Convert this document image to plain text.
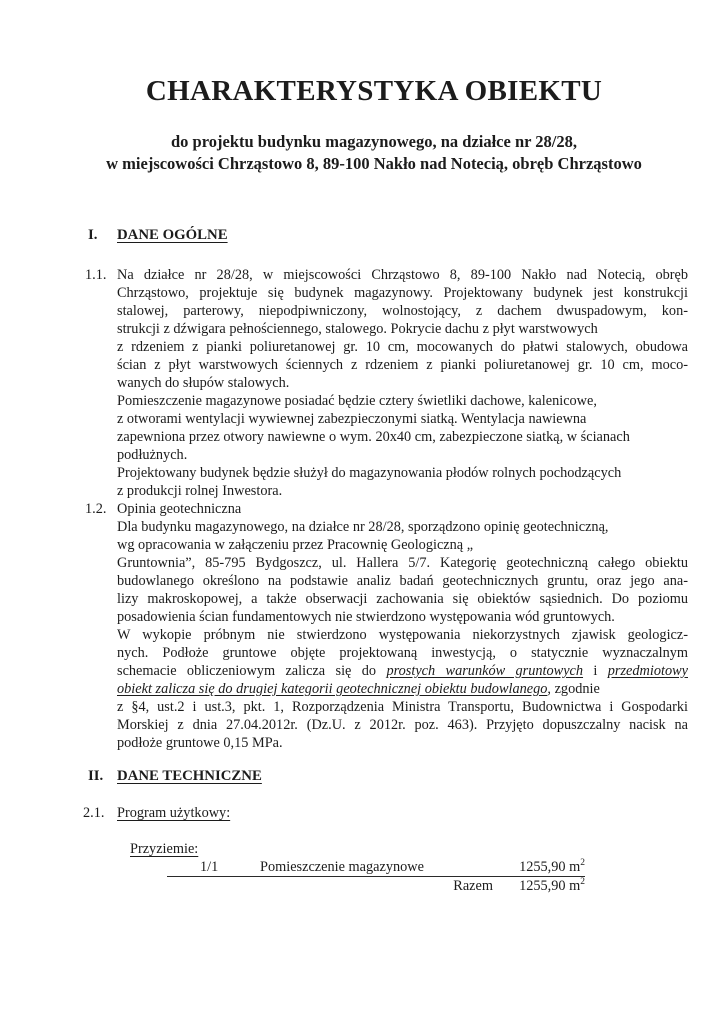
CHARAKTERYSTYKA OBIEKTU
do projektu budynku magazynowego, na działce nr 28/28,
w miejscowości Chrząstowo 8, 89-100 Nakło nad Notecią, obręb Chrząstowo
I. DANE OGÓLNE
1.1. Na działce nr 28/28, w miejscowości Chrząstowo 8, 89-100 Nakło nad Notecią, obręb
Chrząstowo, projektuje się budynek magazynowy. Projektowany budynek jest konstrukcji
stalowej, parterowy, niepodpiwniczony, wolnostojący, z dachem dwuspadowym, kon-
strukcji z dźwigara pełnościennego, stalowego. Pokrycie dachu z płyt warstwowych
z rdzeniem z pianki poliuretanowej gr. 10 cm, mocowanych do płatwi stalowych, obudowa
ścian z płyt warstwowych ściennych z rdzeniem z pianki poliuretanowej gr. 10 cm, moco-
wanych do słupów stalowych.
Pomieszczenie magazynowe posiadać będzie cztery świetliki dachowe, kalenicowe,
z otworami wentylacji wywiewnej zabezpieczonymi siatką. Wentylacja nawiewna
zapewniona przez otwory nawiewne o wym. 20x40 cm, zabezpieczone siatką, w ścianach
podłużnych.
Projektowany budynek będzie służył do magazynowania płodów rolnych pochodzących
z produkcji rolnej Inwestora.
1.2. Opinia geotechniczna
Dla budynku magazynowego, na działce nr 28/28, sporządzono opinię geotechniczną,
wg opracowania w załączeniu przez Pracownię Geologiczną „
Gruntownia”, 85-795 Bydgoszcz, ul. Hallera 5/7. Kategorię geotechniczną całego obiektu
budowlanego określono na podstawie analiz badań geotechnicznych gruntu, oraz jego ana-
lizy makroskopowej, a także obserwacji zachowania się obiektów sąsiednich. Do poziomu
posadowienia ścian fundamentowych nie stwierdzono występowania wód gruntowych.
W wykopie próbnym nie stwierdzono występowania niekorzystnych zjawisk geologicz-
nych. Podłoże gruntowe objęte projektowaną inwestycją, o statycznie wyznaczalnym
schemacie obliczeniowym zalicza się do prostych warunków gruntowych i przedmiotowy
obiekt zalicza się do drugiej kategorii geotechnicznej obiektu budowlanego, zgodnie
z §4, ust.2 i ust.3, pkt. 1, Rozporządzenia Ministra Transportu, Budownictwa i Gospodarki
Morskiej z dnia 27.04.2012r. (Dz.U. z 2012r. poz. 463). Przyjęto dopuszczalny nacisk na
podłoże gruntowe 0,15 MPa.
II. DANE TECHNICZNE
2.1. Program użytkowy:
Przyziemie:
1/1	Pomieszczenie magazynowe	1255,90 $m^2$
Razem 1255,90 $m^2$
